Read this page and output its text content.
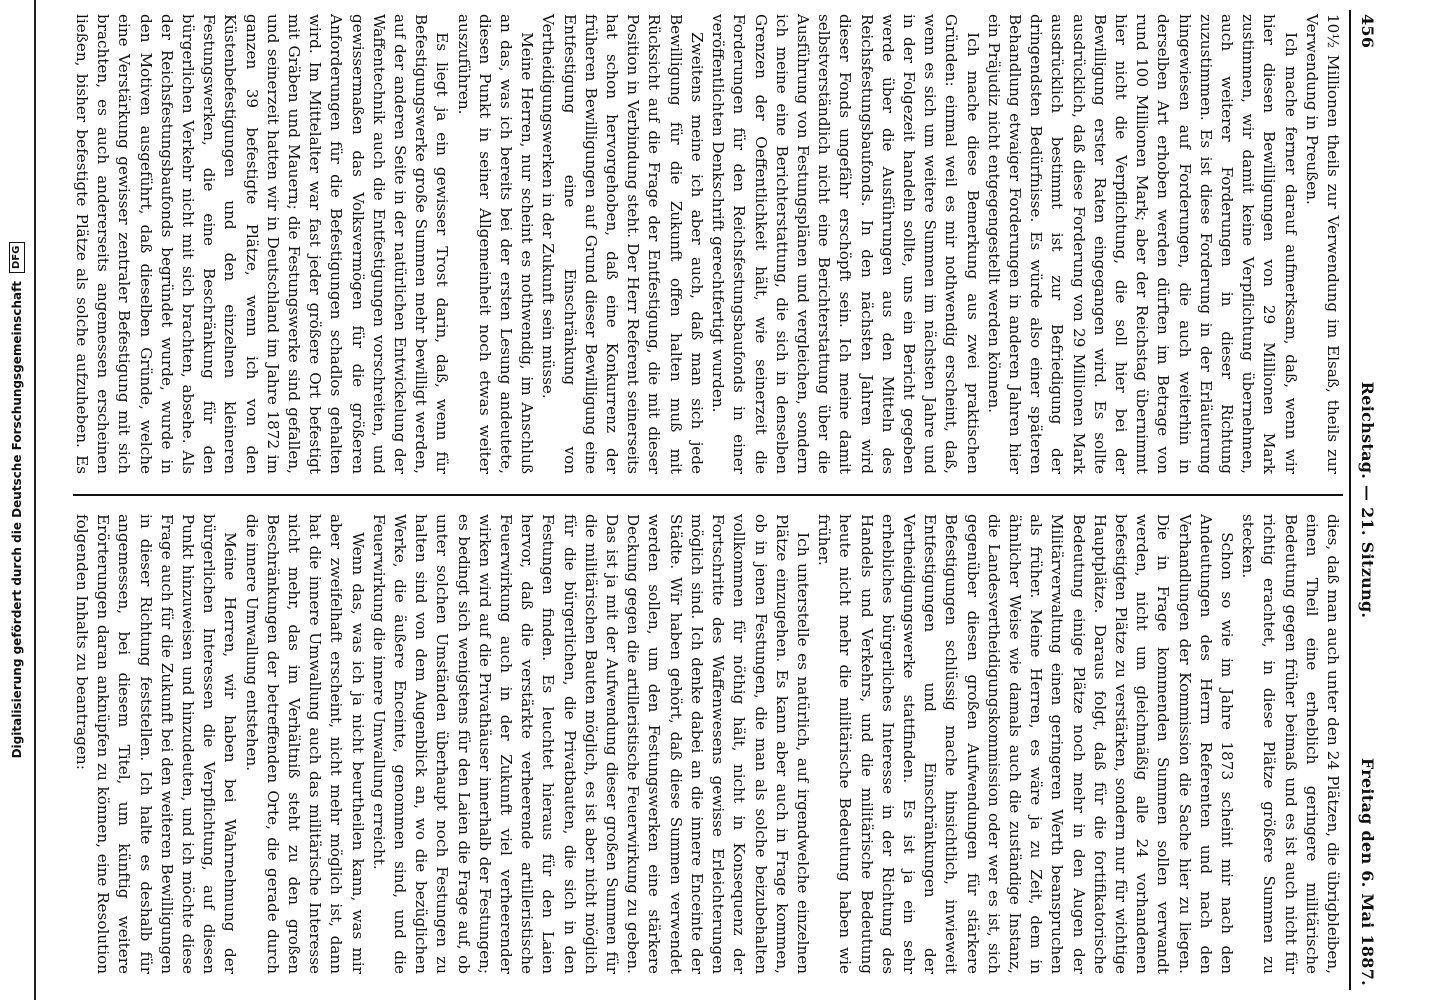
Digitalisierung gefördert durch die Deutsche Forschungsgemeinschaft
DFG
456
Reichstag. — 21. Sitzung.
Freitag den 6. Mai 1887.

10½ Millionen theils zur Verwendung im Elsaß, theils zur Verwendung in Preußen.

Ich mache ferner darauf aufmerksam, daß, wenn wir hier diesen Bewilligungen von 29 Millionen Mark zustimmen, wir damit keine Verpflichtung übernehmen, auch weiterer Forderungen in dieser Richtung zuzustimmen. Es ist diese Forderung in der Erläuterung hingewiesen auf Forderungen, die auch weiterhin in derselben Art erhoben werden dürften im Betrage von rund 100 Millionen Mark; aber der Reichstag übernimmt hier nicht die Verpflichtung, die soll hier bei der Bewilligung erster Raten eingegangen wird. Es sollte ausdrücklich, daß diese Forderung von 29 Millionen Mark ausdrücklich bestimmt ist zur Befriedigung der dringendsten Bedürfnisse. Es würde also einer späteren Behandlung etwaiger Forderungen in anderen Jahren hier ein Präjudiz nicht entgegengestellt werden können.

Ich mache diese Bemerkung aus zwei praktischen Gründen: einmal weil es mir nothwendig erscheint, daß, wenn es sich um weitere Summen im nächsten Jahre und in der Folgezeit handeln sollte, uns ein Bericht gegeben werde über die Ausführungen aus den Mitteln des Reichsfestungsbaufonds. In den nächsten Jahren wird dieser Fonds ungefähr erschöpft sein. Ich meine damit selbstverständlich nicht eine Berichterstattung über die Ausführung von Festungsplänen und vergleichen, sondern ich meine eine Berichterstattung, die sich in denselben Grenzen der Oeffentlichkeit hält, wie seinerzeit die Forderungen für den Reichsfestungsbaufonds in einer veröffentlichten Denkschrift gerechtfertigt wurden.

Zweitens meine ich aber auch, daß man sich jede Bewilligung für die Zukunft offen halten muß mit Rücksicht auf die Frage der Entfestigung, die mit dieser Position in Verbindung steht. Der Herr Referent seinerseits hat schon hervorgehoben, daß eine Konkurrenz der früheren Bewilligungen auf Grund dieser Bewilligung eine Entfestigung eine Einschränkung von Vertheidigungswerken in der Zukunft sein müsse.

Meine Herren, nur scheint es nothwendig, im Anschluß an das, was ich bereits bei der ersten Lesung andeutete, diesen Punkt in seiner Allgemeinheit noch etwas weiter auszuführen.

Es liegt ja ein gewisser Trost darin, daß, wenn für Befestigungswerke große Summen mehr bewilligt werden, auf der anderen Seite in der natürlichen Entwickelung der Waffentechnik auch die Entfestigungen vorschreiten, und gewissermaßen das Volksvermögen für die größeren Anforderungen für die Befestigungen schadlos gehalten wird. Im Mittelalter war fast jeder größere Ort befestigt mit Gräben und Mauern; die Festungswerke sind gefallen, und seinerzeit hatten wir in Deutschland im Jahre 1872 im ganzen 39 befestigte Plätze, wenn ich von den Küstenbefestigungen und den einzelnen kleineren Festungswerken, die eine Beschränkung für den bürgerlichen Verkehr nicht mit sich brachten, absehe. Als der Reichsfestungsbaufonds begründet wurde, wurde in den Motiven ausgeführt, daß dieselben Gründe, welche eine Verstärkung gewisser zentraler Befestigung mit sich brachten, es auch andererseits angemessen erscheinen ließen, bisher befestigte Plätze als solche aufzuheben. Es

dies, daß man auch unter den 24 Plätzen, die übrigbleiben, einen Theil eine erheblich geringere militärische Bedeutung gegen früher beimaß und es ist auch nicht für richtig erachtet, in diese Plätze größere Summen zu stecken.

Schon so wie im Jahre 1873 scheint mir nach den Andeutungen des Herrn Referenten und nach den Verhandlungen der Kommission die Sache hier zu liegen. Die in Frage kommenden Summen sollen verwandt werden, nicht um gleichmäßig alle 24 vorhandenen befestigten Plätze zu verstärken, sondern nur für wichtige Hauptplätze. Daraus folgt, daß für die fortifikatorische Bedeutung einige Plätze noch mehr in den Augen der Militärverwaltung einen geringeren Werth beanspruchen als früher. Meine Herren, es wäre ja zu Zeit, dem in ähnlicher Weise wie damals auch die zuständige Instanz, die Landesvertheidigungskommission oder wer es ist, sich gegenüber diesen großen Aufwendungen für stärkere Befestigungen schlüssig mache hinsichtlich, inwieweit Entfestigungen und Einschränkungen der Vertheidigungswerke stattfinden. Es ist ja ein sehr erhebliches bürgerliches Interesse in der Richtung des Handels und Verkehrs, und die militärische Bedeutung heute nicht mehr die militärische Bedeutung haben wie früher.

Ich unterstelle es natürlich, auf irgendwelche einzelnen Plätze einzugehen. Es kann aber auch in Frage kommen, ob in jenen Festungen, die man als solche beizubehalten vollkommen für nöthig hält, nicht in Konsequenz der Fortschritte des Waffenwesens gewisse Erleichterungen möglich sind. Ich denke dabei an die innere Enceinte der Städte. Wir haben gehört, daß diese Summen verwendet werden sollen, um den Festungswerken eine stärkere Deckung gegen die artilleristische Feuerwirkung zu geben. Das ist ja mit der Aufwendung dieser großen Summen für die militärischen Bauten möglich, es ist aber nicht möglich für die bürgerlichen, die Privatbauten, die sich in den Festungen finden. Es leuchtet hieraus für den Laien hervor, daß die verstärkte verheerende artilleristische Feuerwirkung auch in der Zukunft viel verheerender wirken wird auf die Privathäuser innerhalb der Festungen; es bedingt sich wenigstens für den Laien die Frage auf, ob unter solchen Umständen überhaupt noch Festungen zu halten sind von dem Augenblick an, wo die bezüglichen Werke, die äußere Enceinte, genommen sind, und die Feuerwirkung die innere Umwallung erreicht.

Wenn das, was ich ja nicht beurtheilen kann, was mir aber zweifelhaft erscheint, nicht mehr möglich ist, dann hat die innere Umwallung auch das militärische Interesse nicht mehr, das im Verhältniß steht zu den großen Beschränkungen der betreffenden Orte, die gerade durch die innere Umwallung entstehen.

Meine Herren, wir haben bei Wahrnehmung der bürgerlichen Interessen die Verpflichtung, auf diesen Punkt hinzuweisen und hinzudeuten, und ich möchte diese Frage auch für die Zukunft bei den weiteren Bewilligungen in dieser Richtung feststellen. Ich halte es deshalb für angemessen, bei diesem Titel, um künftig weitere Erörterungen daran anknüpfen zu können, eine Resolution folgenden Inhalts zu beantragen:
